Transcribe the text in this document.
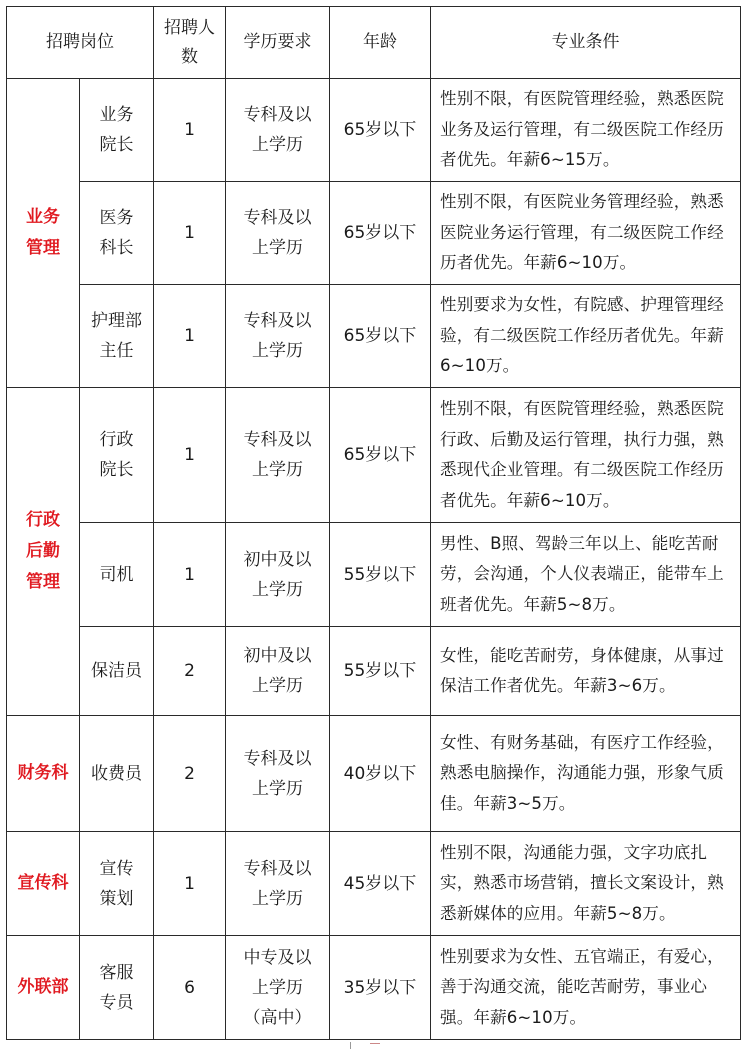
招聘岗位		招聘人数	学历要求	年龄	专业条件
业务管理	业务院长	1	专科及以上学历	65岁以下	性别不限，有医院管理经验，熟悉医院业务及运行管理，有二级医院工作经历者优先。年薪6~15万。
	医务科长	1	专科及以上学历	65岁以下	性别不限，有医院业务管理经验，熟悉医院业务运行管理，有二级医院工作经历者优先。年薪6~10万。
	护理部主任	1	专科及以上学历	65岁以下	性别要求为女性，有院感、护理管理经验，有二级医院工作经历者优先。年薪6~10万。
行政后勤管理	行政院长	1	专科及以上学历	65岁以下	性别不限，有医院管理经验，熟悉医院行政、后勤及运行管理，执行力强，熟悉现代企业管理。有二级医院工作经历者优先。年薪6~10万。
	司机	1	初中及以上学历	55岁以下	男性、B照、驾龄三年以上、能吃苦耐劳，会沟通，个人仪表端正，能带车上班者优先。年薪5~8万。
	保洁员	2	初中及以上学历	55岁以下	女性，能吃苦耐劳，身体健康，从事过保洁工作者优先。年薪3~6万。
财务科	收费员	2	专科及以上学历	40岁以下	女性、有财务基础，有医疗工作经验，熟悉电脑操作，沟通能力强，形象气质佳。年薪3~5万。
宣传科	宣传策划	1	专科及以上学历	45岁以下	性别不限，沟通能力强，文字功底扎实，熟悉市场营销，擅长文案设计，熟悉新媒体的应用。年薪5~8万。
外联部	客服专员	6	中专及以上学历（高中）	35岁以下	性别要求为女性、五官端正，有爱心，善于沟通交流，能吃苦耐劳，事业心强。年薪6~10万。
